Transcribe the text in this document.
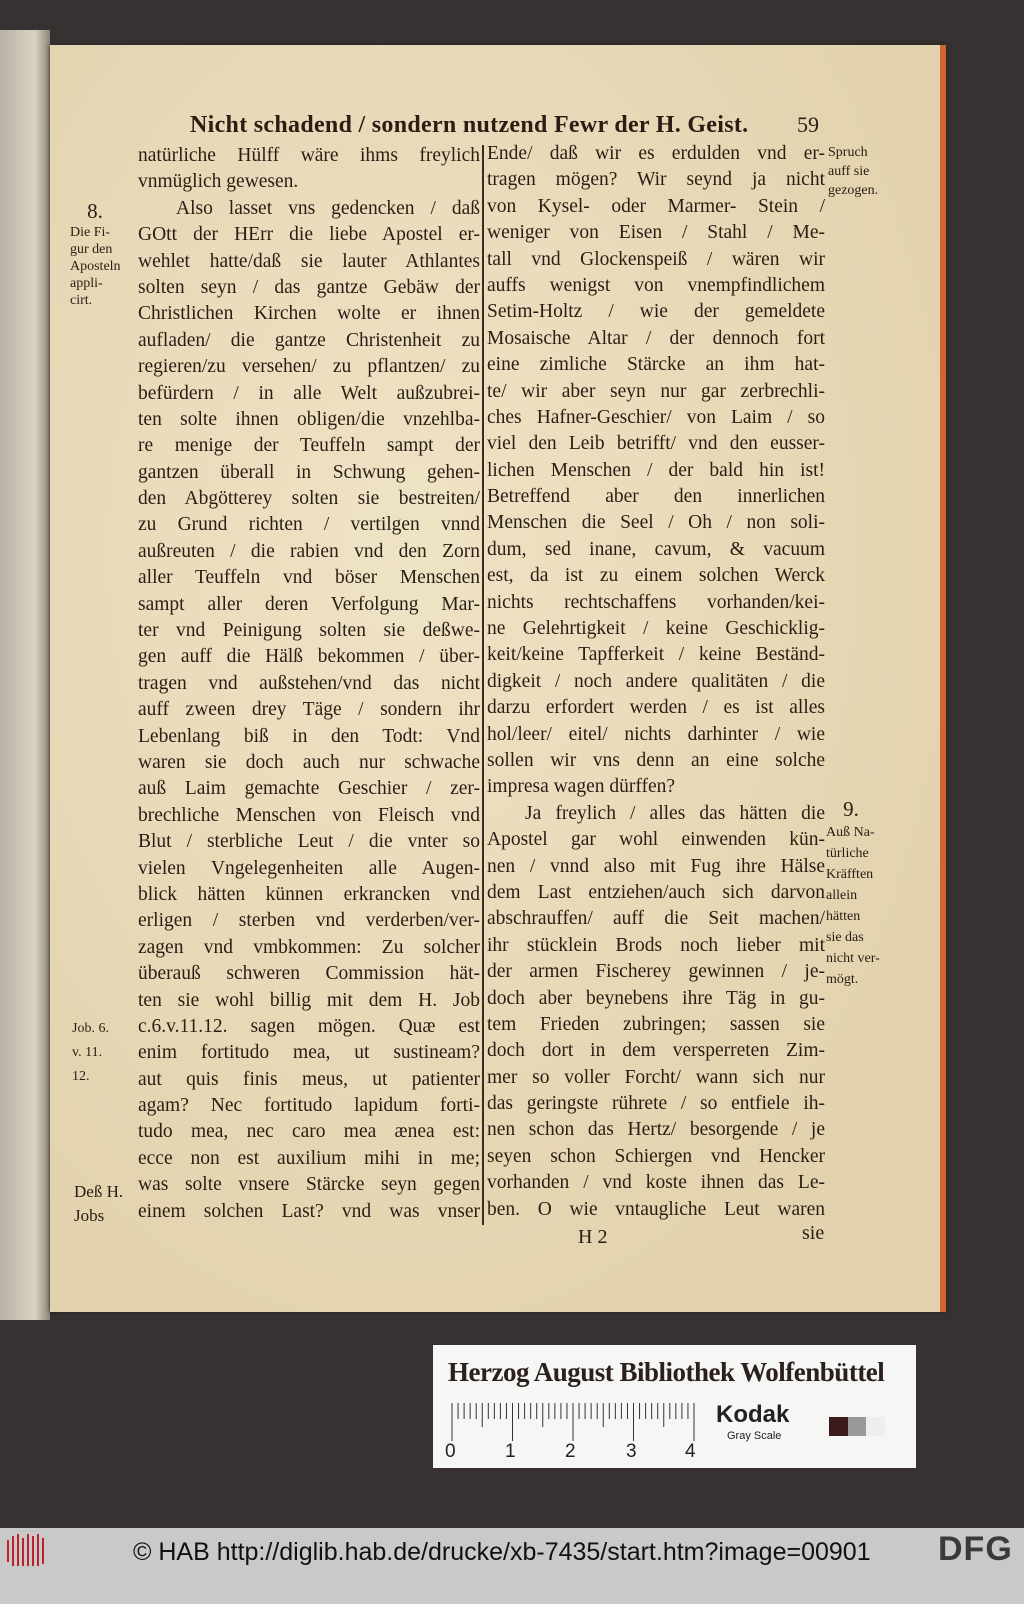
Nicht schadend / sondern nutzend Fewr der H. Geist. 59
natürliche Hülff wäre ihms freylich
vnmüglich gewesen.
Also lasset vns gedencken / daß
GOtt der HErr die liebe Apostel er-
wehlet hatte/daß sie lauter Athlantes
solten seyn / das gantze Gebäw der
Christlichen Kirchen wolte er ihnen
aufladen/ die gantze Christenheit zu
regieren/zu versehen/ zu pflantzen/ zu
befürdern / in alle Welt außzubrei-
ten solte ihnen obligen/die vnzehlba-
re menige der Teuffeln sampt der
gantzen überall in Schwung gehen-
den Abgötterey solten sie bestreiten/
zu Grund richten / vertilgen vnnd
außreuten / die rabien vnd den Zorn
aller Teuffeln vnd böser Menschen
sampt aller deren Verfolgung Mar-
ter vnd Peinigung solten sie deßwe-
gen auff die Hälß bekommen / über-
tragen vnd außstehen/vnd das nicht
auff zween drey Täge / sondern ihr
Lebenlang biß in den Todt: Vnd
waren sie doch auch nur schwache
auß Laim gemachte Geschier / zer-
brechliche Menschen von Fleisch vnd
Blut / sterbliche Leut / die vnter so
vielen Vngelegenheiten alle Augen-
blick hätten künnen erkrancken vnd
erligen / sterben vnd verderben/ver-
zagen vnd vmbkommen: Zu solcher
überauß schweren Commission hät-
ten sie wohl billig mit dem H. Job
c.6.v.11.12. sagen mögen. Quæ est
enim fortitudo mea, ut sustineam?
aut quis finis meus, ut patienter
agam? Nec fortitudo lapidum forti-
tudo mea, nec caro mea ænea est:
ecce non est auxilium mihi in me;
was solte vnsere Stärcke seyn gegen
einem solchen Last? vnd was vnser
Ende/ daß wir es erdulden vnd er-
tragen mögen? Wir seynd ja nicht
von Kysel- oder Marmer- Stein /
weniger von Eisen / Stahl / Me-
tall vnd Glockenspeiß / wären wir
auffs wenigst von vnempfindlichem
Setim-Holtz / wie der gemeldete
Mosaische Altar / der dennoch fort
eine zimliche Stärcke an ihm hat-
te/ wir aber seyn nur gar zerbrechli-
ches Hafner-Geschier/ von Laim / so
viel den Leib betrifft/ vnd den eusser-
lichen Menschen / der bald hin ist!
Betreffend aber den innerlichen
Menschen die Seel / Oh / non soli-
dum, sed inane, cavum, & vacuum
est, da ist zu einem solchen Werck
nichts rechtschaffens vorhanden/kei-
ne Gelehrtigkeit / keine Geschicklig-
keit/keine Tapfferkeit / keine Beständ-
digkeit / noch andere qualitäten / die
darzu erfordert werden / es ist alles
hol/leer/ eitel/ nichts darhinter / wie
sollen wir vns denn an eine solche
impresa wagen dürffen?
Ja freylich / alles das hätten die
Apostel gar wohl einwenden kün-
nen / vnnd also mit Fug ihre Hälse
dem Last entziehen/auch sich darvon
abschrauffen/ auff die Seit machen/
ihr stücklein Brods noch lieber mit
der armen Fischerey gewinnen / je-
doch aber beynebens ihre Täg in gu-
tem Frieden zubringen; sassen sie
doch dort in dem versperreten Zim-
mer so voller Forcht/ wann sich nur
das geringste rührete / so entfiele ih-
nen schon das Hertz/ besorgende / je
seyen schon Schiergen vnd Hencker
vorhanden / vnd koste ihnen das Le-
ben. O wie vntaugliche Leut waren
8.
Die Fi-
gur den
Aposteln
appli-
cirt.
Job. 6.
v. 11.
12.
Deß H.
Jobs
Spruch
auff sie
gezogen.
9.
Auß Na-
türliche
Kräfften
allein
hätten
sie das
nicht ver-
mögt.
H 2	sie
Herzog August Bibliothek Wolfenbüttel
0	1	2	3	4
Kodak
Gray Scale
© HAB http://diglib.hab.de/drucke/xb-7435/start.htm?image=00901 DFG
